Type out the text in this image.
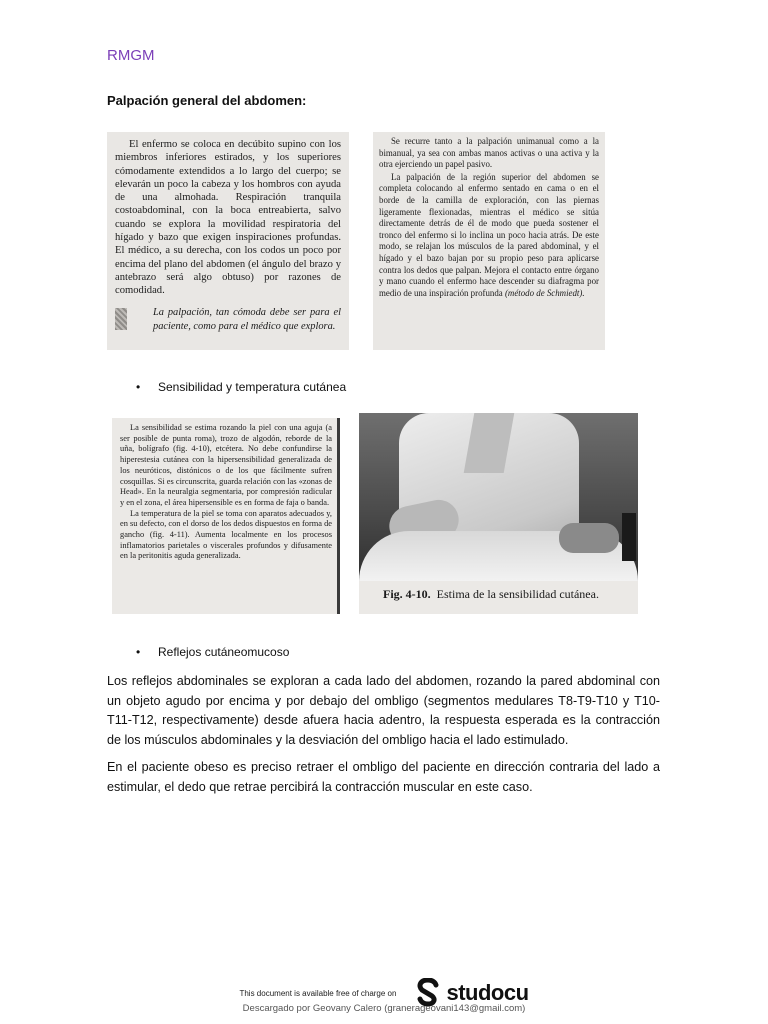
RMGM
Palpación general del abdomen:

El enfermo se coloca en decúbito supino con los miembros inferiores estirados, y los superiores cómodamente extendidos a lo largo del cuerpo; se elevarán un poco la cabeza y los hombros con ayuda de una almohada. Respiración tranquila costoabdominal, con la boca entreabierta, salvo cuando se explora la movilidad respiratoria del hígado y bazo que exigen inspiraciones profundas. El médico, a su derecha, con los codos un poco por encima del plano del abdomen (el ángulo del brazo y antebrazo será algo obtuso) por razones de comodidad.

La palpación, tan cómoda debe ser para el paciente, como para el médico que explora.

Se recurre tanto a la palpación unimanual como a la bimanual, ya sea con ambas manos activas o una activa y la otra ejerciendo un papel pasivo.

La palpación de la región superior del abdomen se completa colocando al enfermo sentado en cama o en el borde de la camilla de exploración, con las piernas ligeramente flexionadas, mientras el médico se sitúa directamente detrás de él de modo que pueda sostener el tronco del enfermo si lo inclina un poco hacia atrás. De este modo, se relajan los músculos de la pared abdominal, y el hígado y el bazo bajan por su propio peso para aplicarse contra los dedos que palpan. Mejora el contacto entre órgano y mano cuando el enfermo hace descender su diafragma por medio de una inspiración profunda (método de Schmiedt).

• Sensibilidad y temperatura cutánea

La sensibilidad se estima rozando la piel con una aguja (a ser posible de punta roma), trozo de algodón, reborde de la uña, bolígrafo (fig. 4-10), etcétera. No debe confundirse la hiperestesia cutánea con la hipersensibilidad generalizada de los neuróticos, distónicos o de los que fácilmente sufren cosquillas. Si es circunscrita, guarda relación con las «zonas de Head». En la neuralgia segmentaria, por compresión radicular y en el zona, el área hipersensible es en forma de faja o banda.

La temperatura de la piel se toma con aparatos adecuados y, en su defecto, con el dorso de los dedos dispuestos en forma de gancho (fig. 4-11). Aumenta localmente en los procesos inflamatorios parietales o viscerales profundos y difusamente en la peritonitis aguda generalizada.

Fig. 4-10. Estima de la sensibilidad cutánea.
• Reflejos cutáneomucoso

Los reflejos abdominales se exploran a cada lado del abdomen, rozando la pared abdominal con un objeto agudo por encima y por debajo del ombligo (segmentos medulares T8-T9-T10 y T10-T11-T12, respectivamente) desde afuera hacia adentro, la respuesta esperada es la contracción de los músculos abdominales y la desviación del ombligo hacia el lado estimulado.

En el paciente obeso es preciso retraer el ombligo del paciente en dirección contraria del lado a estimular, el dedo que retrae percibirá la contracción muscular en este caso.

This document is available free of charge on studocu
Descargado por Geovany Calero (granerageovani143@gmail.com)
